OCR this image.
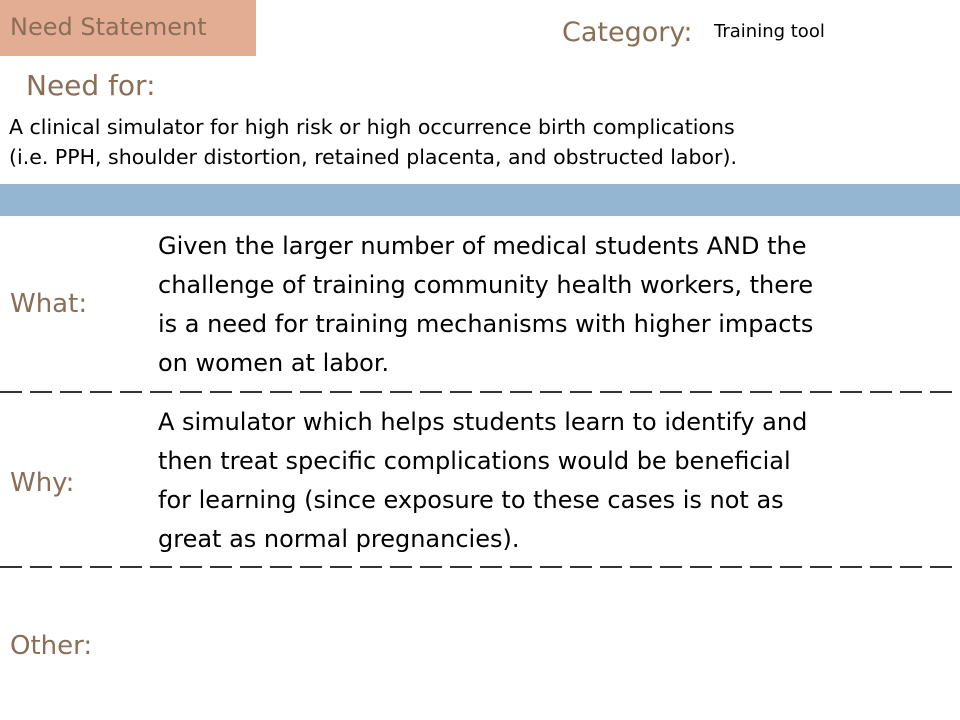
Need Statement	Category: Training tool
Need for:
A clinical simulator for high risk or high occurrence birth complications
(i.e. PPH, shoulder distortion, retained placenta, and obstructed labor).
What:
Given the larger number of medical students AND the
challenge of training community health workers, there
is a need for training mechanisms with higher impacts
on women at labor.
Why:
A simulator which helps students learn to identify and
then treat specific complications would be beneficial
for learning (since exposure to these cases is not as
great as normal pregnancies).
Other:
